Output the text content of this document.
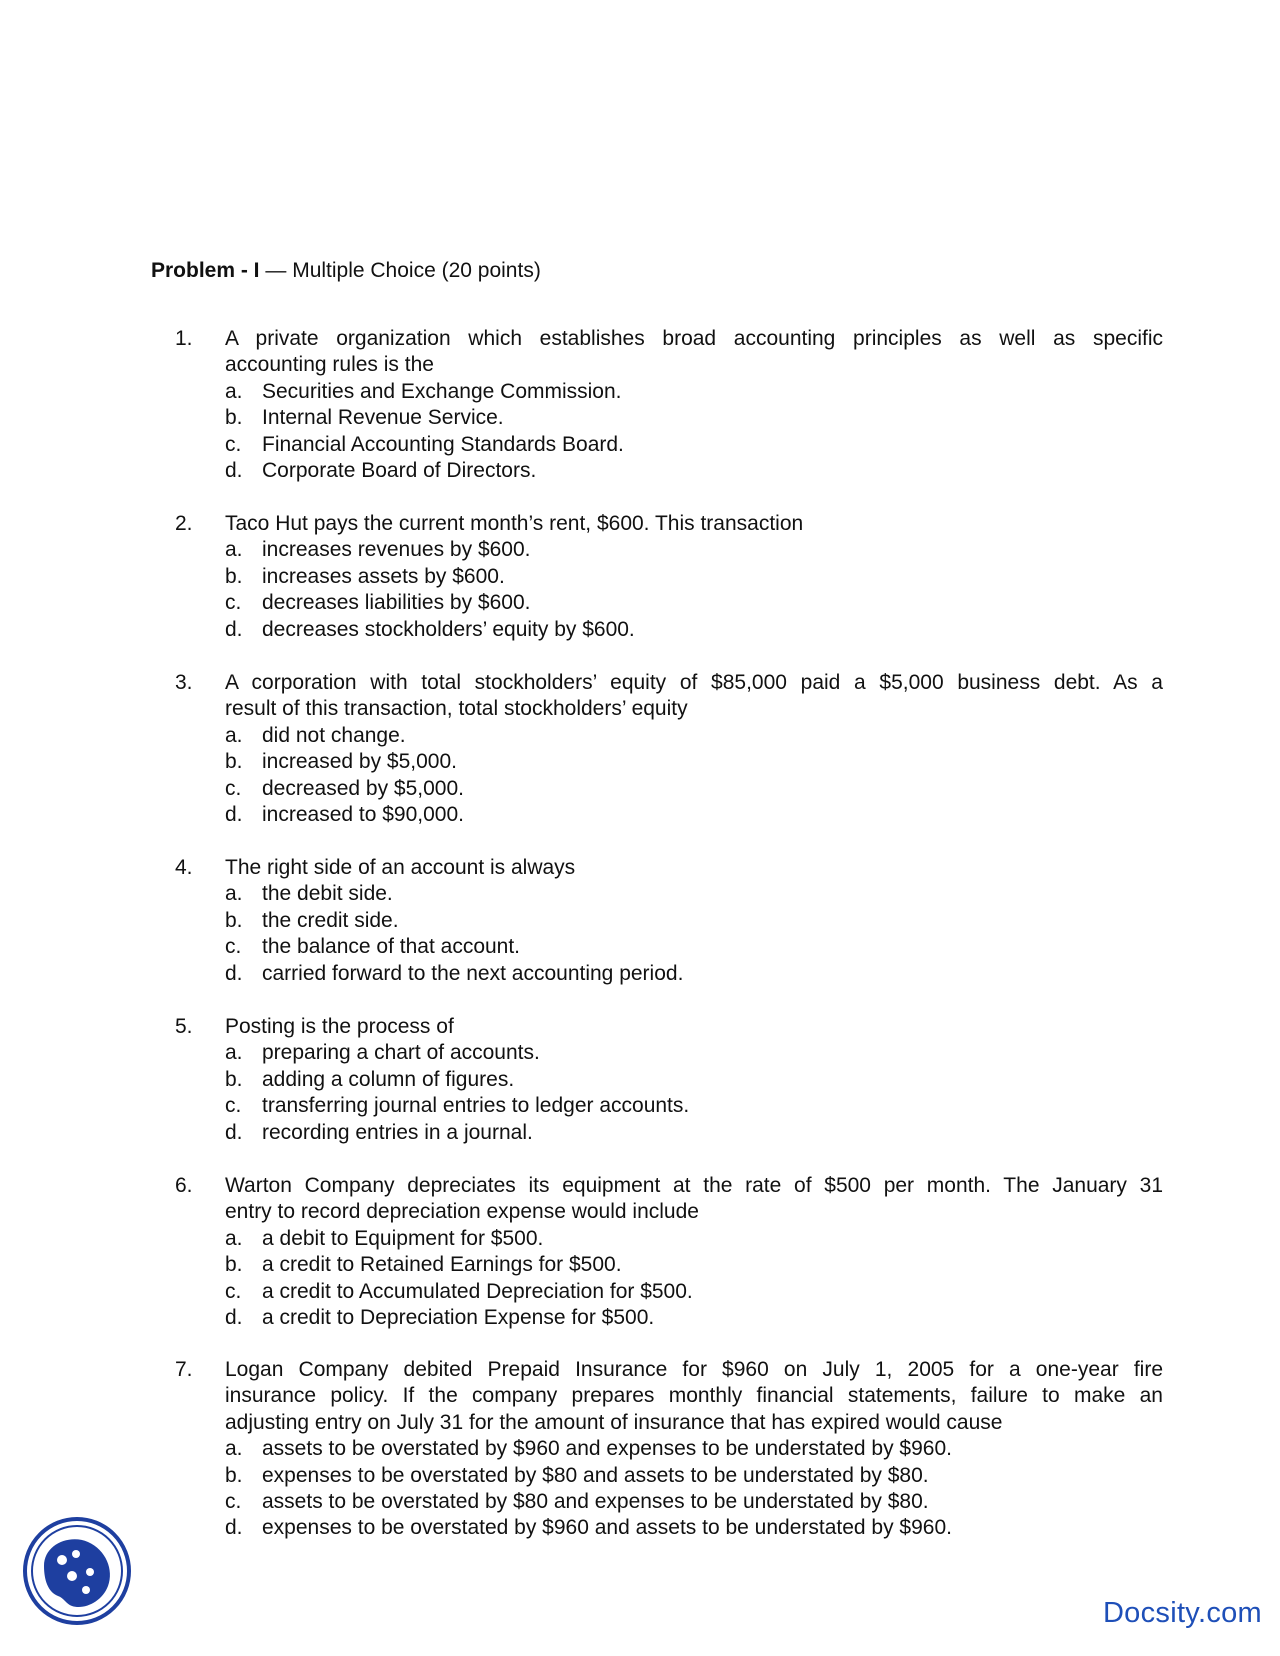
Problem - I — Multiple Choice (20 points)
1. A private organization which establishes broad accounting principles as well as specific
accounting rules is the
a. Securities and Exchange Commission.
b. Internal Revenue Service.
c. Financial Accounting Standards Board.
d. Corporate Board of Directors.
2. Taco Hut pays the current month’s rent, $600. This transaction
a. increases revenues by $600.
b. increases assets by $600.
c. decreases liabilities by $600.
d. decreases stockholders’ equity by $600.
3. A corporation with total stockholders’ equity of $85,000 paid a $5,000 business debt. As a
result of this transaction, total stockholders’ equity
a. did not change.
b. increased by $5,000.
c. decreased by $5,000.
d. increased to $90,000.
4. The right side of an account is always
a. the debit side.
b. the credit side.
c. the balance of that account.
d. carried forward to the next accounting period.
5. Posting is the process of
a. preparing a chart of accounts.
b. adding a column of figures.
c. transferring journal entries to ledger accounts.
d. recording entries in a journal.
6. Warton Company depreciates its equipment at the rate of $500 per month. The January 31
entry to record depreciation expense would include
a. a debit to Equipment for $500.
b. a credit to Retained Earnings for $500.
c. a credit to Accumulated Depreciation for $500.
d. a credit to Depreciation Expense for $500.
7. Logan Company debited Prepaid Insurance for $960 on July 1, 2005 for a one-year fire
insurance policy. If the company prepares monthly financial statements, failure to make an
adjusting entry on July 31 for the amount of insurance that has expired would cause
a. assets to be overstated by $960 and expenses to be understated by $960.
b. expenses to be overstated by $80 and assets to be understated by $80.
c. assets to be overstated by $80 and expenses to be understated by $80.
d. expenses to be overstated by $960 and assets to be understated by $960.
Docsity.com
